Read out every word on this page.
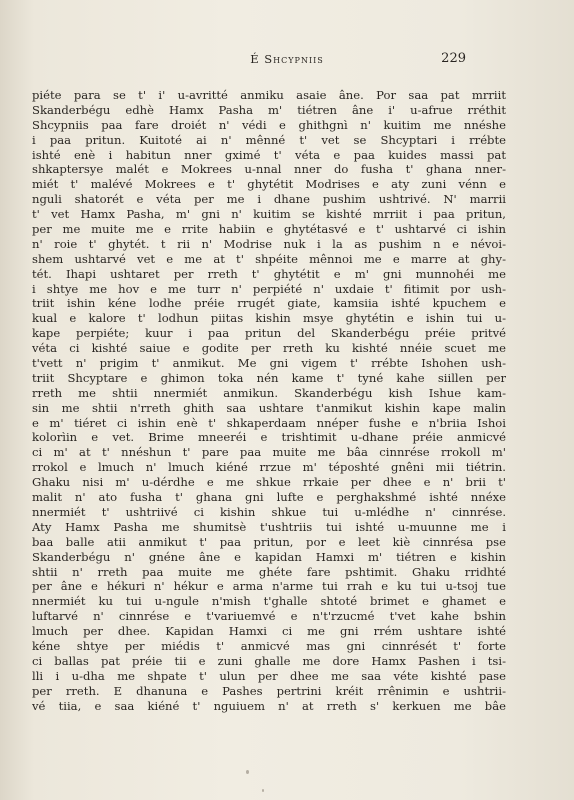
É Shcypniis	229
piéte para se t' i' u-avritté anmiku asaie âne. Por saa pat mrriit
Skanderbégu edhè Hamx Pasha m' tiétren âne i' u-afrue rréthit
Shcypniis paa fare droiét n' védi e ghithgnì n' kuitim me nnéshe
i paa pritun. Kuitoté ai n' mênné t' vet se Shcyptari i rrébte
ishté enè i habitun nner gximé t' véta e paa kuides massi pat
shkaptersye malét e Mokrees u-nnal nner do fusha t' ghana nner-
miét t' malévé Mokrees e t' ghytétit Modrises e aty zuni vénn e
nguli shatorét e véta per me i dhane pushim ushtrivé. N' marrii
t' vet Hamx Pasha, m' gni n' kuitim se kishté mrriit i paa pritun,
per me muite me e rrite habiin e ghytétasvé e t' ushtarvé ci ishin
n' roie t' ghytét. t rii n' Modrise nuk i la as pushim n e névoi-
shem ushtarvé vet e me at t' shpéite mênnoi me e marre at ghy-
tét. Ihapi ushtaret per rreth t' ghytétit e m' gni munnohéi me
i shtye me hov e me turr n' perpiété n' uxdaie t' fitimit por ush-
triit ishin kéne lodhe préie rrugét giate, kamsiia ishté kpuchem e
kual e kalore t' lodhun piitas kishin msye ghytétin e ishin tui u-
kape perpiéte; kuur i paa pritun del Skanderbégu préie pritvé
véta ci kishté saiue e godite per rreth ku kishté nnéie scuet me
t'vett n' prigim t' anmikut. Me gni vigem t' rrébte Ishohen ush-
triit Shcyptare e ghimon toka nén kame t' tyné kahe siillen per
rreth me shtii nnermiét anmikun. Skanderbégu kish Ishue kam-
sin me shtii n'rreth ghith saa ushtare t'anmikut kishin kape malin
e m' tiéret ci ishin enè t' shkaperdaam nnéper fushe e n'briia Ishoi
kolorìin e vet. Brime mneeréi e trishtimit u-dhane préie anmicvé
ci m' at t' nnéshun t' pare paa muite me bâa cinnrése rrokoll m'
rrokol e lmuch n' lmuch kiéné rrzue m' téposhté gnêni mii tiétrin.
Ghaku nisi m' u-dérdhe e me shkue rrkaie per dhee e n' brii t'
malit n' ato fusha t' ghana gni lufte e perghakshmé ishté nnéxe
nnermiét t' ushtriivé ci kishin shkue tui u-mlédhe n' cinnrése.
Aty Hamx Pasha me shumitsè t'ushtriis tui ishté u-muunne me i
baa balle atii anmikut t' paa pritun, por e leet kiè cinnrésa pse
Skanderbégu n' gnéne âne e kapidan Hamxi m' tiétren e kishin
shtii n' rreth paa muite me ghéte fare pshtimit. Ghaku rridhté
per âne e hékuri n' hékur e arma n'arme tui rrah e ku tui u-tsoj tue
nnermiét ku tui u-ngule n'mish t'ghalle shtoté brimet e ghamet e
luftarvé n' cinnrése e t'variuemvé e n't'rzucmé t'vet kahe bshin
lmuch per dhee. Kapidan Hamxi ci me gni rrém ushtare ishté
kéne shtye per miédis t' anmicvé mas gni cinnrését t' forte
ci ballas pat préie tii e zuni ghalle me dore Hamx Pashen i tsi-
lli i u-dha me shpate t' ulun per dhee me saa véte kishté pase
per rreth. E dhanuna e Pashes pertrini kréit rrênimin e ushtrii-
vé tiia, e saa kiéné t' nguiuem n' at rreth s' kerkuen me bâe
